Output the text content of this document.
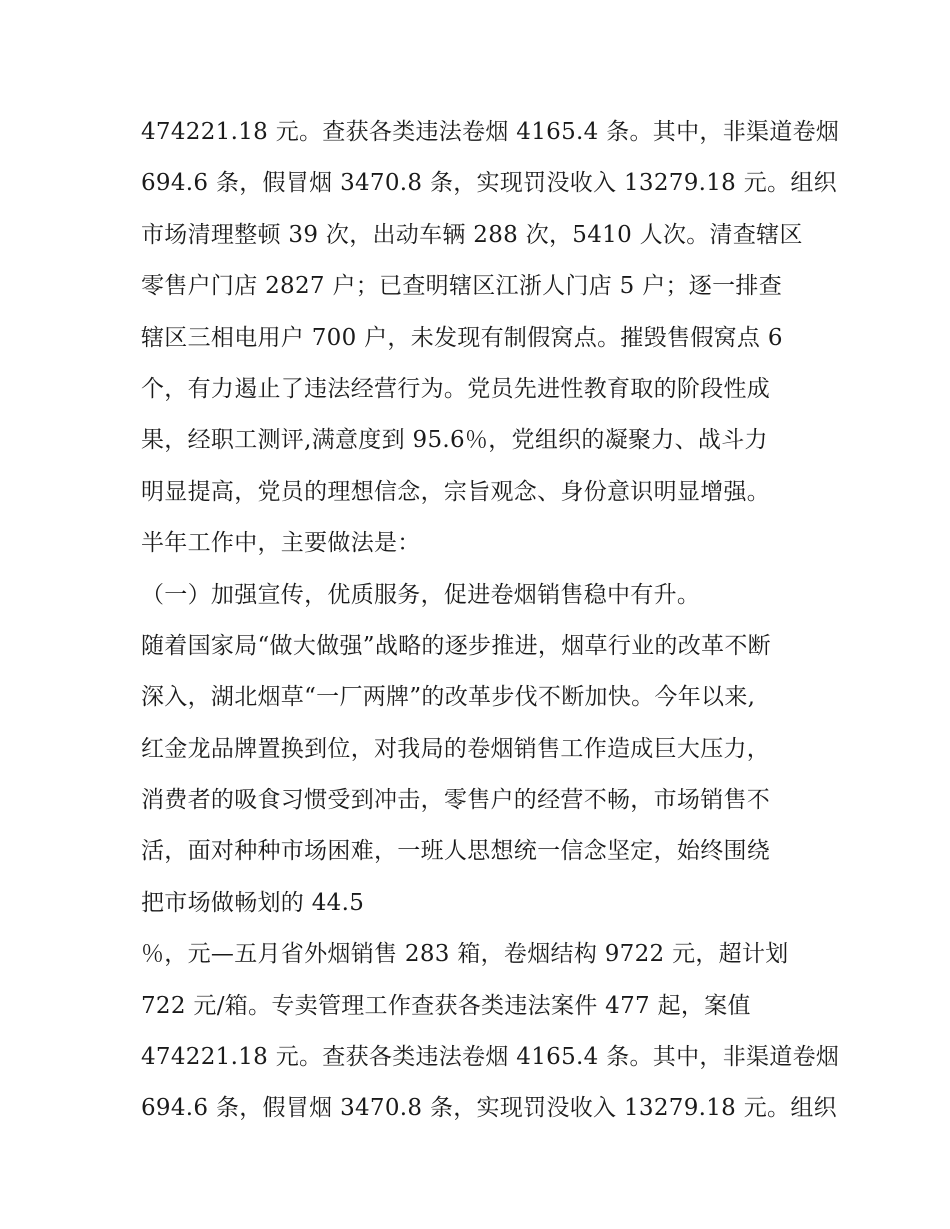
474221.18 元。查获各类违法卷烟 4165.4 条。其中，非渠道卷烟
694.6 条，假冒烟 3470.8 条，实现罚没收入 13279.18 元。组织
市场清理整顿 39 次，出动车辆 288 次，5410 人次。清查辖区
零售户门店 2827 户；已查明辖区江浙人门店 5 户；逐一排查
辖区三相电用户 700 户，未发现有制假窝点。摧毁售假窝点 6
个，有力遏止了违法经营行为。党员先进性教育取的阶段性成
果，经职工测评,满意度到 95.6％，党组织的凝聚力、战斗力
明显提高，党员的理想信念，宗旨观念、身份意识明显增强。
半年工作中，主要做法是：
（一）加强宣传，优质服务，促进卷烟销售稳中有升。
随着国家局“做大做强”战略的逐步推进，烟草行业的改革不断
深入，湖北烟草“一厂两牌”的改革步伐不断加快。今年以来,
红金龙品牌置换到位，对我局的卷烟销售工作造成巨大压力，
消费者的吸食习惯受到冲击，零售户的经营不畅，市场销售不
活，面对种种市场困难，一班人思想统一信念坚定，始终围绕
把市场做畅划的 44.5
％，元—五月省外烟销售 283 箱，卷烟结构 9722 元，超计划
722 元/箱。专卖管理工作查获各类违法案件 477 起，案值
474221.18 元。查获各类违法卷烟 4165.4 条。其中，非渠道卷烟
694.6 条，假冒烟 3470.8 条，实现罚没收入 13279.18 元。组织
